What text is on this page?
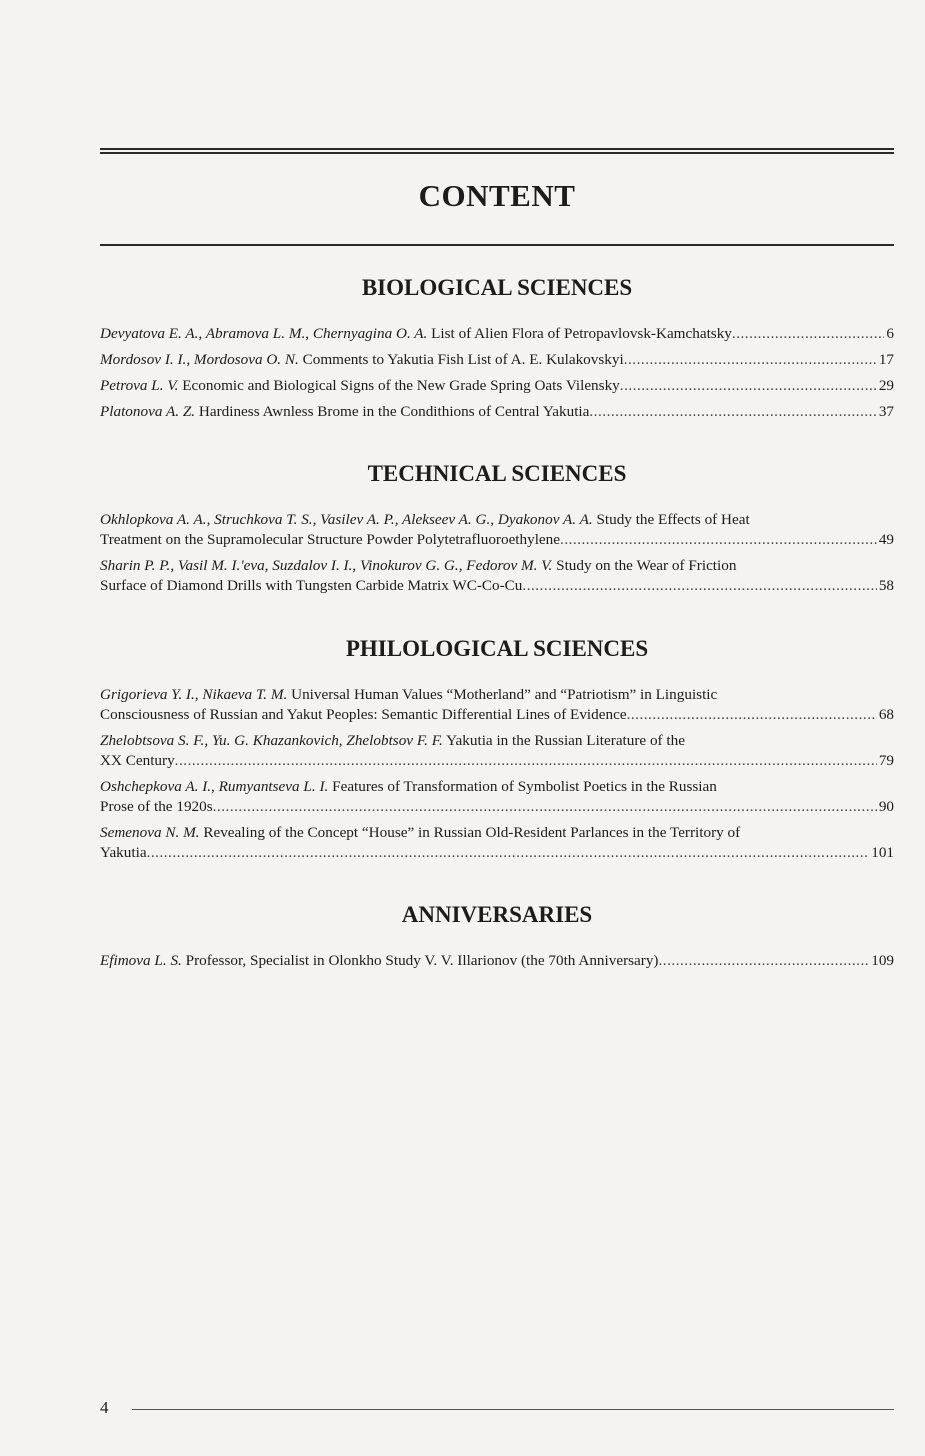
CONTENT
BIOLOGICAL SCIENCES
Devyatova E. A., Abramova L. M., Chernyagina O. A. List of Alien Flora of Petropavlovsk-Kamchatsky .....	6
Mordosov I. I., Mordosova O. N. Comments to Yakutia Fish List of A. E. Kulakovskyi .....	17
Petrova L. V. Economic and Biological Signs of the New Grade Spring Oats Vilensky .....	29
Platonova A. Z. Hardiness Awnless Brome in the Condithions of Central Yakutia .....	37
TECHNICAL SCIENCES
Okhlopkova A. A., Struchkova T. S., Vasilev A. P., Alekseev A. G., Dyakonov A. A. Study the Effects of Heat
Treatment on the Supramolecular Structure Powder Polytetrafluoroethylene .....	49
Sharin P. P., Vasil M. I.'eva, Suzdalov I. I., Vinokurov G. G., Fedorov M. V. Study on the Wear of Friction
Surface of Diamond Drills with Tungsten Carbide Matrix WC-Co-Cu .....	58
PHILOLOGICAL SCIENCES
Grigorieva Y. I., Nikaeva T. M. Universal Human Values “Motherland” and “Patriotism” in Linguistic
Consciousness of Russian and Yakut Peoples: Semantic Differential Lines of Evidence .....	68
Zhelobtsova S. F., Yu. G. Khazankovich, Zhelobtsov F. F. Yakutia in the Russian Literature of the
XX Century .....	79
Oshchepkova A. I., Rumyantseva L. I. Features of Transformation of Symbolist Poetics in the Russian
Prose of the 1920s .....	90
Semenova N. M. Revealing of the Concept “House” in Russian Old-Resident Parlances in the Territory of
Yakutia .....	101
ANNIVERSARIES
Efimova L. S. Professor, Specialist in Olonkho Study V. V. Illarionov (the 70th Anniversary) .....	109
4
